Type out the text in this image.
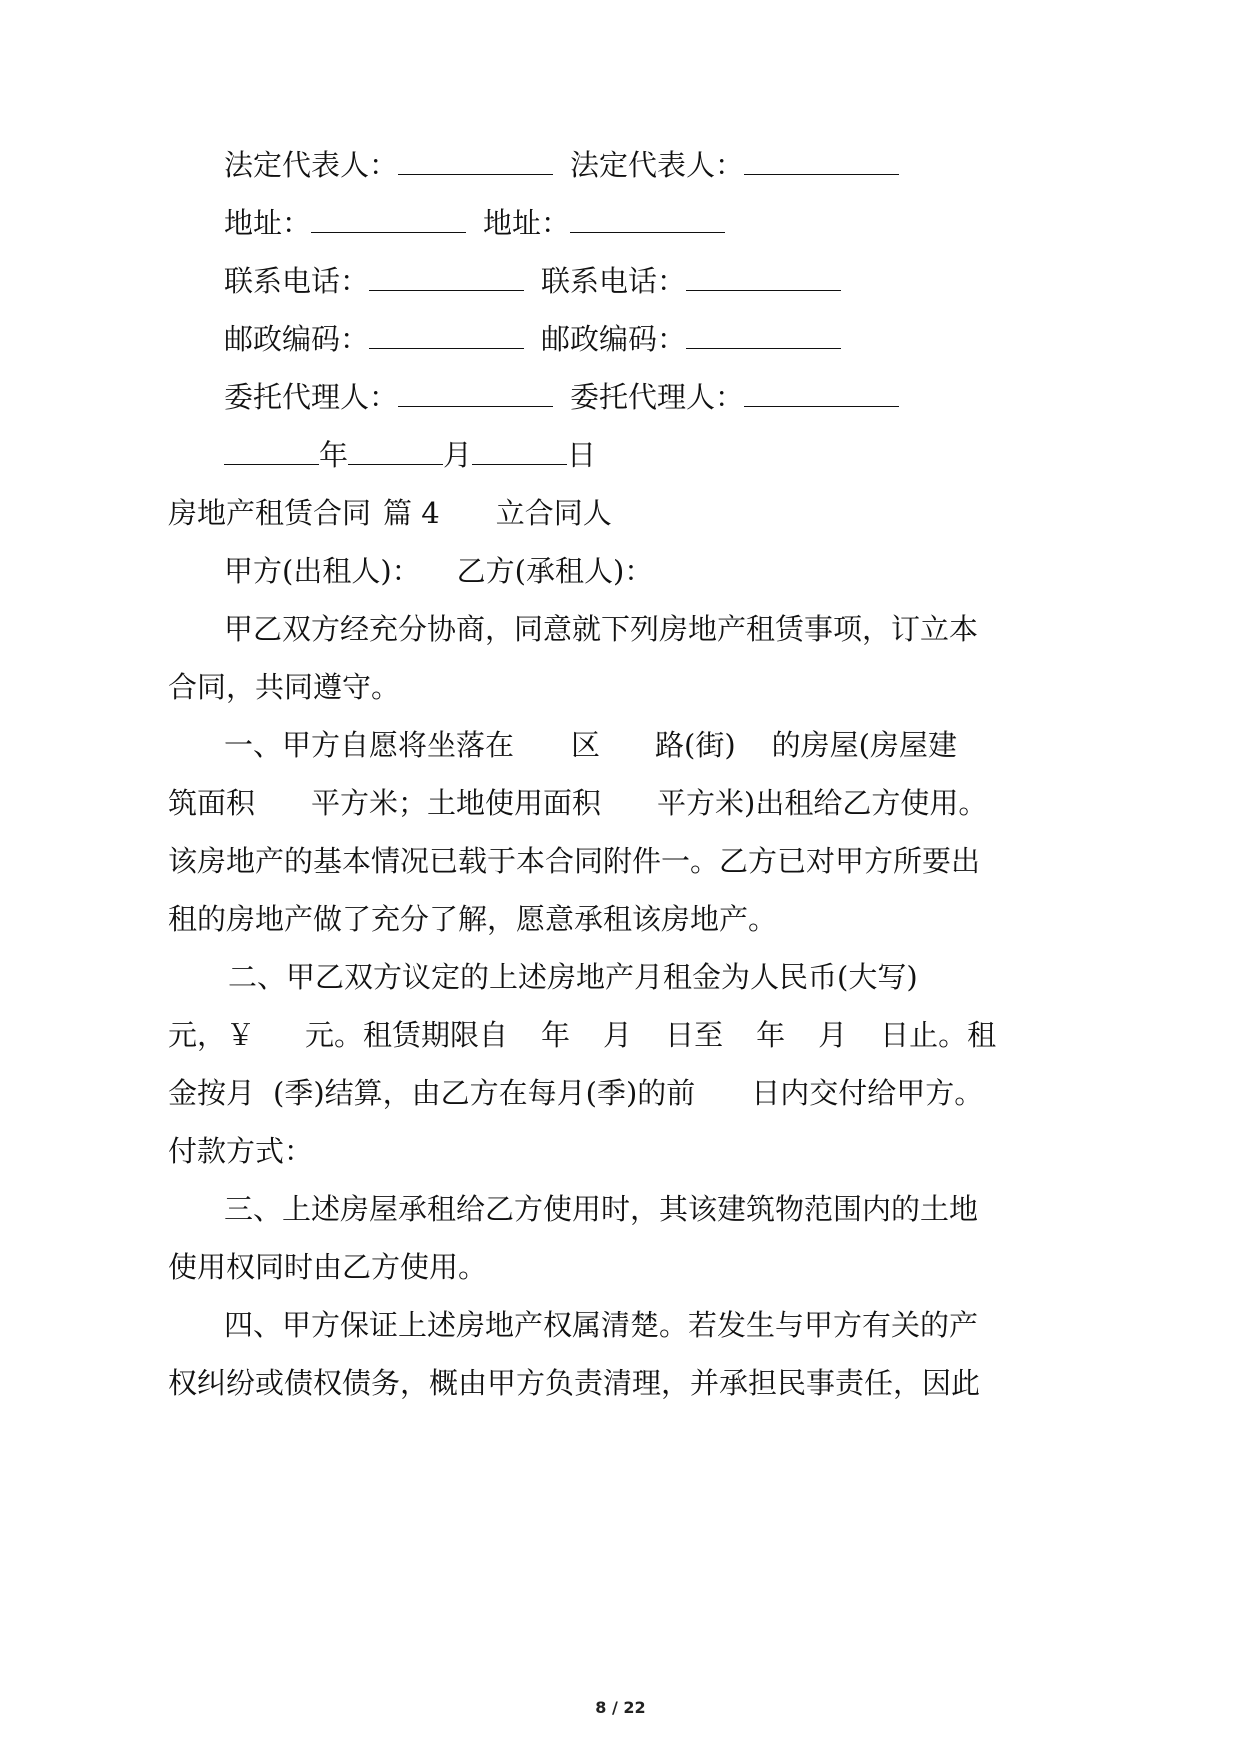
法定代表人：	法定代表人：
地址：	地址：
联系电话：	联系电话：
邮政编码：	邮政编码：
委托代理人：	委托代理人：
年	月	日
房地产租赁合同 篇 4 立合同人
甲方(出租人)： 乙方(承租人)：
甲乙双方经充分协商，同意就下列房地产租赁事项，订立本
合同，共同遵守。
一、甲方自愿将坐落在 区 路(街) 的房屋(房屋建
筑面积 平方米；土地使用面积 平方米)出租给乙方使用。
该房地产的基本情况已载于本合同附件一。乙方已对甲方所要出
租的房地产做了充分了解，愿意承租该房地产。
二、甲乙双方议定的上述房地产月租金为人民币(大写)
元，￥ 元。租赁期限自 年 月 日至 年 月 日止。租
金按月 (季)结算，由乙方在每月(季)的前 日内交付给甲方。
付款方式：
三、上述房屋承租给乙方使用时，其该建筑物范围内的土地
使用权同时由乙方使用。
四、甲方保证上述房地产权属清楚。若发生与甲方有关的产
权纠纷或债权债务，概由甲方负责清理，并承担民事责任，因此
8 / 22
